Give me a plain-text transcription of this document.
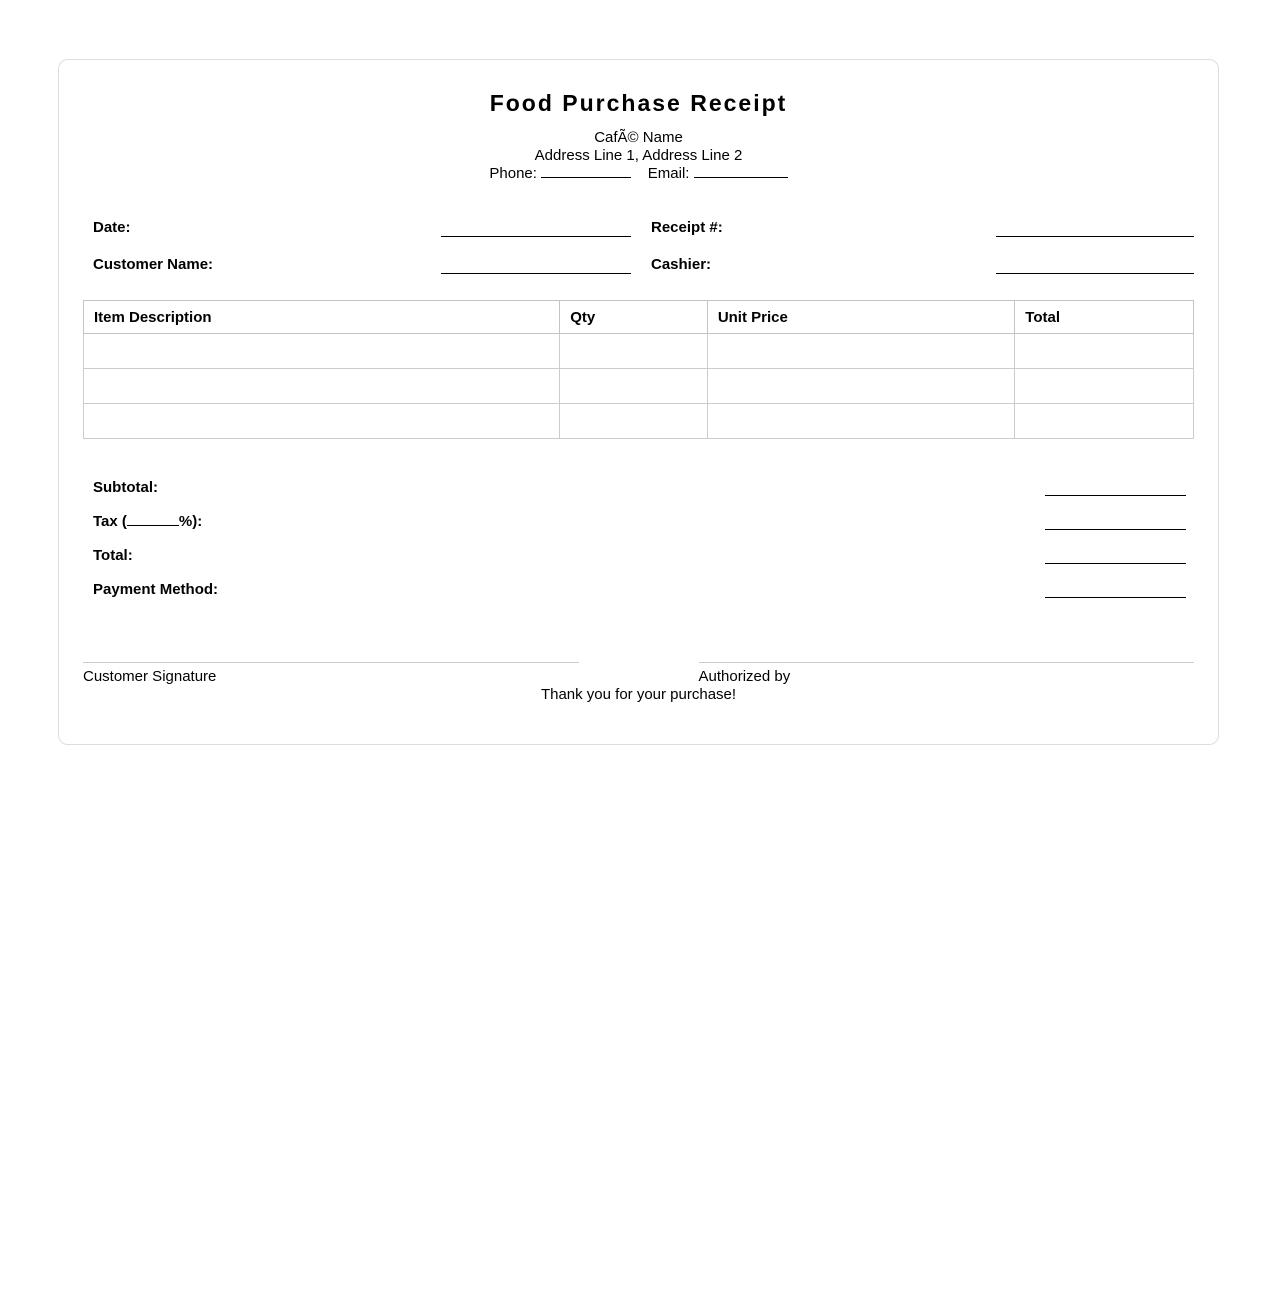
Food Purchase Receipt
CafÃ© Name
Address Line 1, Address Line 2
Phone:	Email:
Date:	Receipt #:
Customer Name:	Cashier:
Item Description	Qty	Unit Price	Total

Subtotal:
Tax (	%):
Total:
Payment Method:
Customer Signature	Authorized by
Thank you for your purchase!
